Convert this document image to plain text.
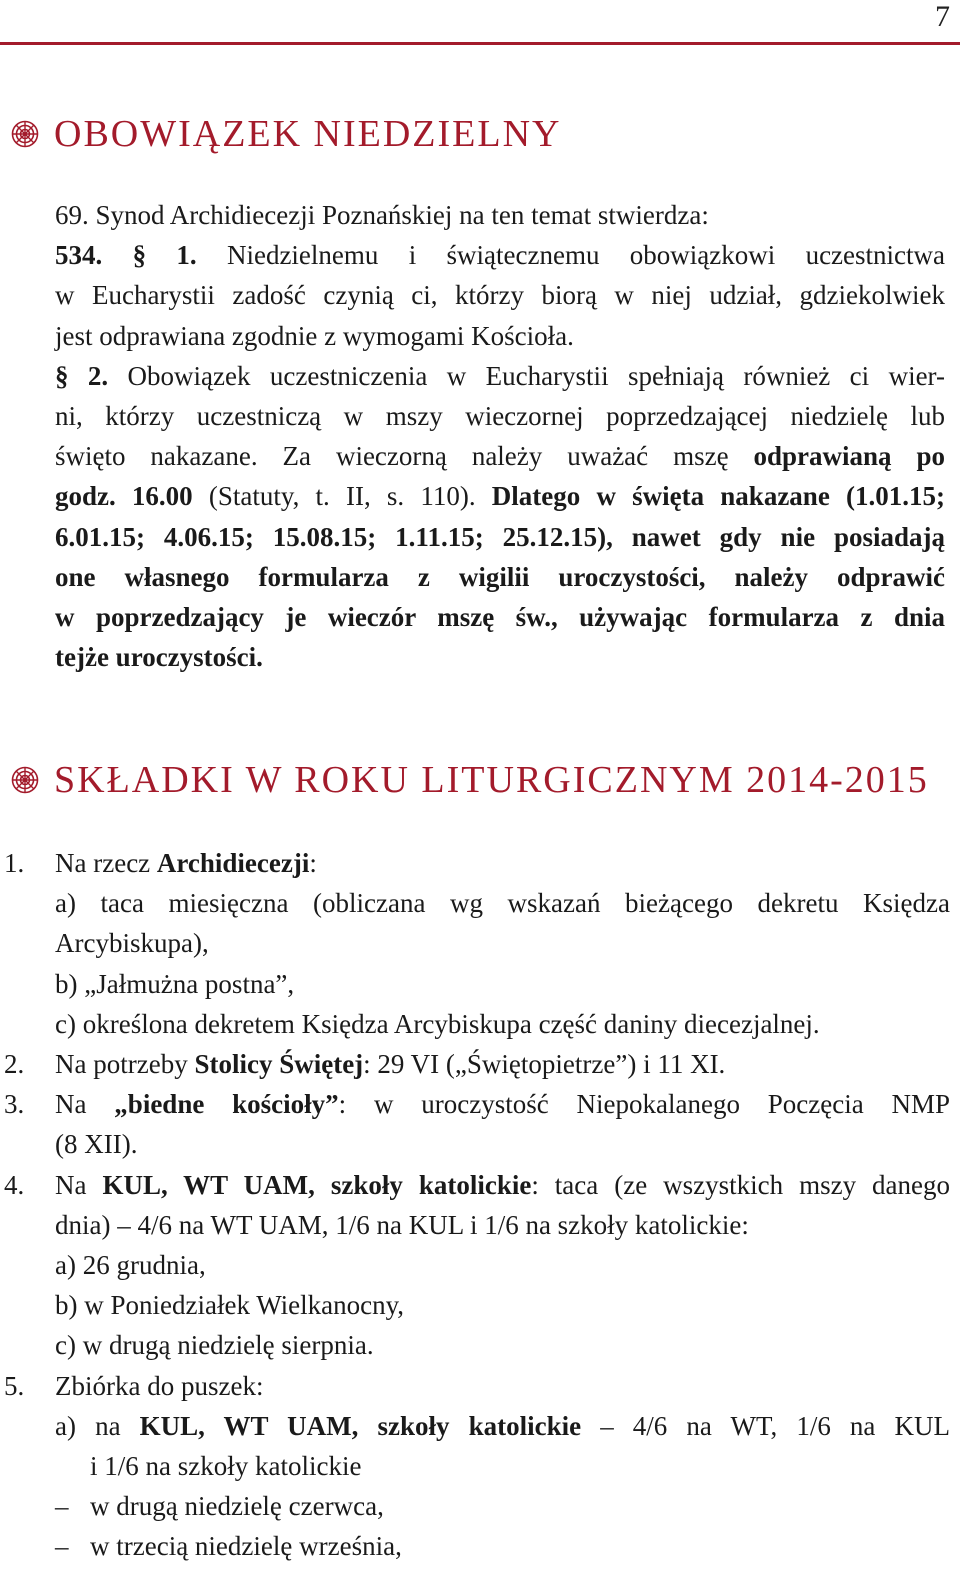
7
OBOWIĄZEK NIEDZIELNY
69. Synod Archidiecezji Poznańskiej na ten temat stwierdza:
534. § 1. Niedzielnemu i świątecznemu obowiązkowi uczestnictwa
w Eucharystii zadość czynią ci, którzy biorą w niej udział, gdziekolwiek
jest odprawiana zgodnie z wymogami Kościoła.
§ 2. Obowiązek uczestniczenia w Eucharystii spełniają również ci wier-
ni, którzy uczestniczą w mszy wieczornej poprzedzającej niedzielę lub
święto nakazane. Za wieczorną należy uważać mszę odprawianą po
godz. 16.00 (Statuty, t. II, s. 110). Dlatego w święta nakazane (1.01.15;
6.01.15; 4.06.15; 15.08.15; 1.11.15; 25.12.15), nawet gdy nie posiadają
one własnego formularza z wigilii uroczystości, należy odprawić
w poprzedzający je wieczór mszę św., używając formularza z dnia
tejże uroczystości.
SKŁADKI W ROKU LITURGICZNYM 2014-2015
1. Na rzecz Archidiecezji:
a) taca miesięczna (obliczana wg wskazań bieżącego dekretu Księdza
Arcybiskupa),
b) „Jałmużna postna”,
c) określona dekretem Księdza Arcybiskupa część daniny diecezjalnej.
2. Na potrzeby Stolicy Świętej: 29 VI („Świętopietrze”) i 11 XI.
3. Na „biedne kościoły”: w uroczystość Niepokalanego Poczęcia NMP
(8 XII).
4. Na KUL, WT UAM, szkoły katolickie: taca (ze wszystkich mszy danego
dnia) – 4/6 na WT UAM, 1/6 na KUL i 1/6 na szkoły katolickie:
a) 26 grudnia,
b) w Poniedziałek Wielkanocny,
c) w drugą niedzielę sierpnia.
5. Zbiórka do puszek:
a) na KUL, WT UAM, szkoły katolickie – 4/6 na WT, 1/6 na KUL
i 1/6 na szkoły katolickie
– w drugą niedzielę czerwca,
– w trzecią niedzielę września,
